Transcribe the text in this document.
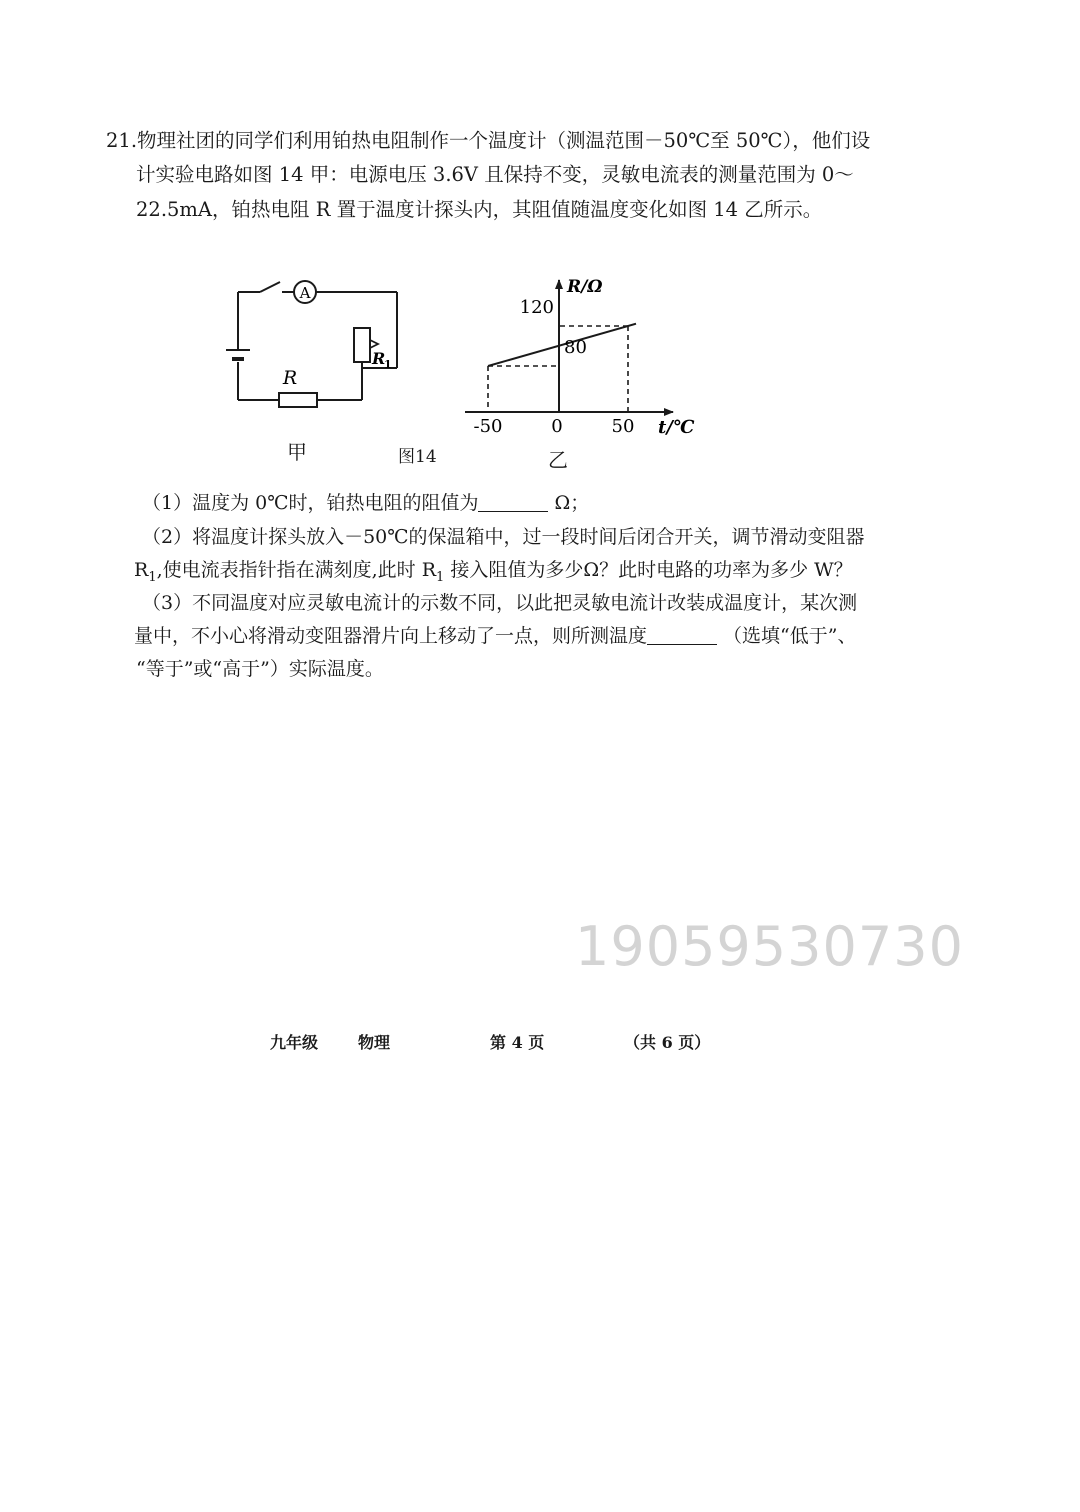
21.物理社团的同学们利用铂热电阻制作一个温度计（测温范围－50℃至 50℃），他们设
计实验电路如图 14 甲：电源电压 3.6V 且保持不变，灵敏电流表的测量范围为 0～
22.5mA，铂热电阻 R 置于温度计探头内，其阻值随温度变化如图 14 乙所示。
A
R
R
1
甲	图14	乙
-50	0	50
80
120
R/Ω
t/℃
（1）温度为 0℃时，铂热电阻的阻值为	Ω；
（2）将温度计探头放入－50℃的保温箱中，过一段时间后闭合开关，调节滑动变阻器
$R_1$,使电流表指针指在满刻度,此时 $R_1$ 接入阻值为多少Ω？此时电路的功率为多少 W？
（3）不同温度对应灵敏电流计的示数不同，以此把灵敏电流计改装成温度计，某次测
量中，不小心将滑动变阻器滑片向上移动了一点，则所测温度	（选填“低于”、
“等于”或“高于”）实际温度。
19059530730
九年级 物理	第 4 页	（共 6 页）
